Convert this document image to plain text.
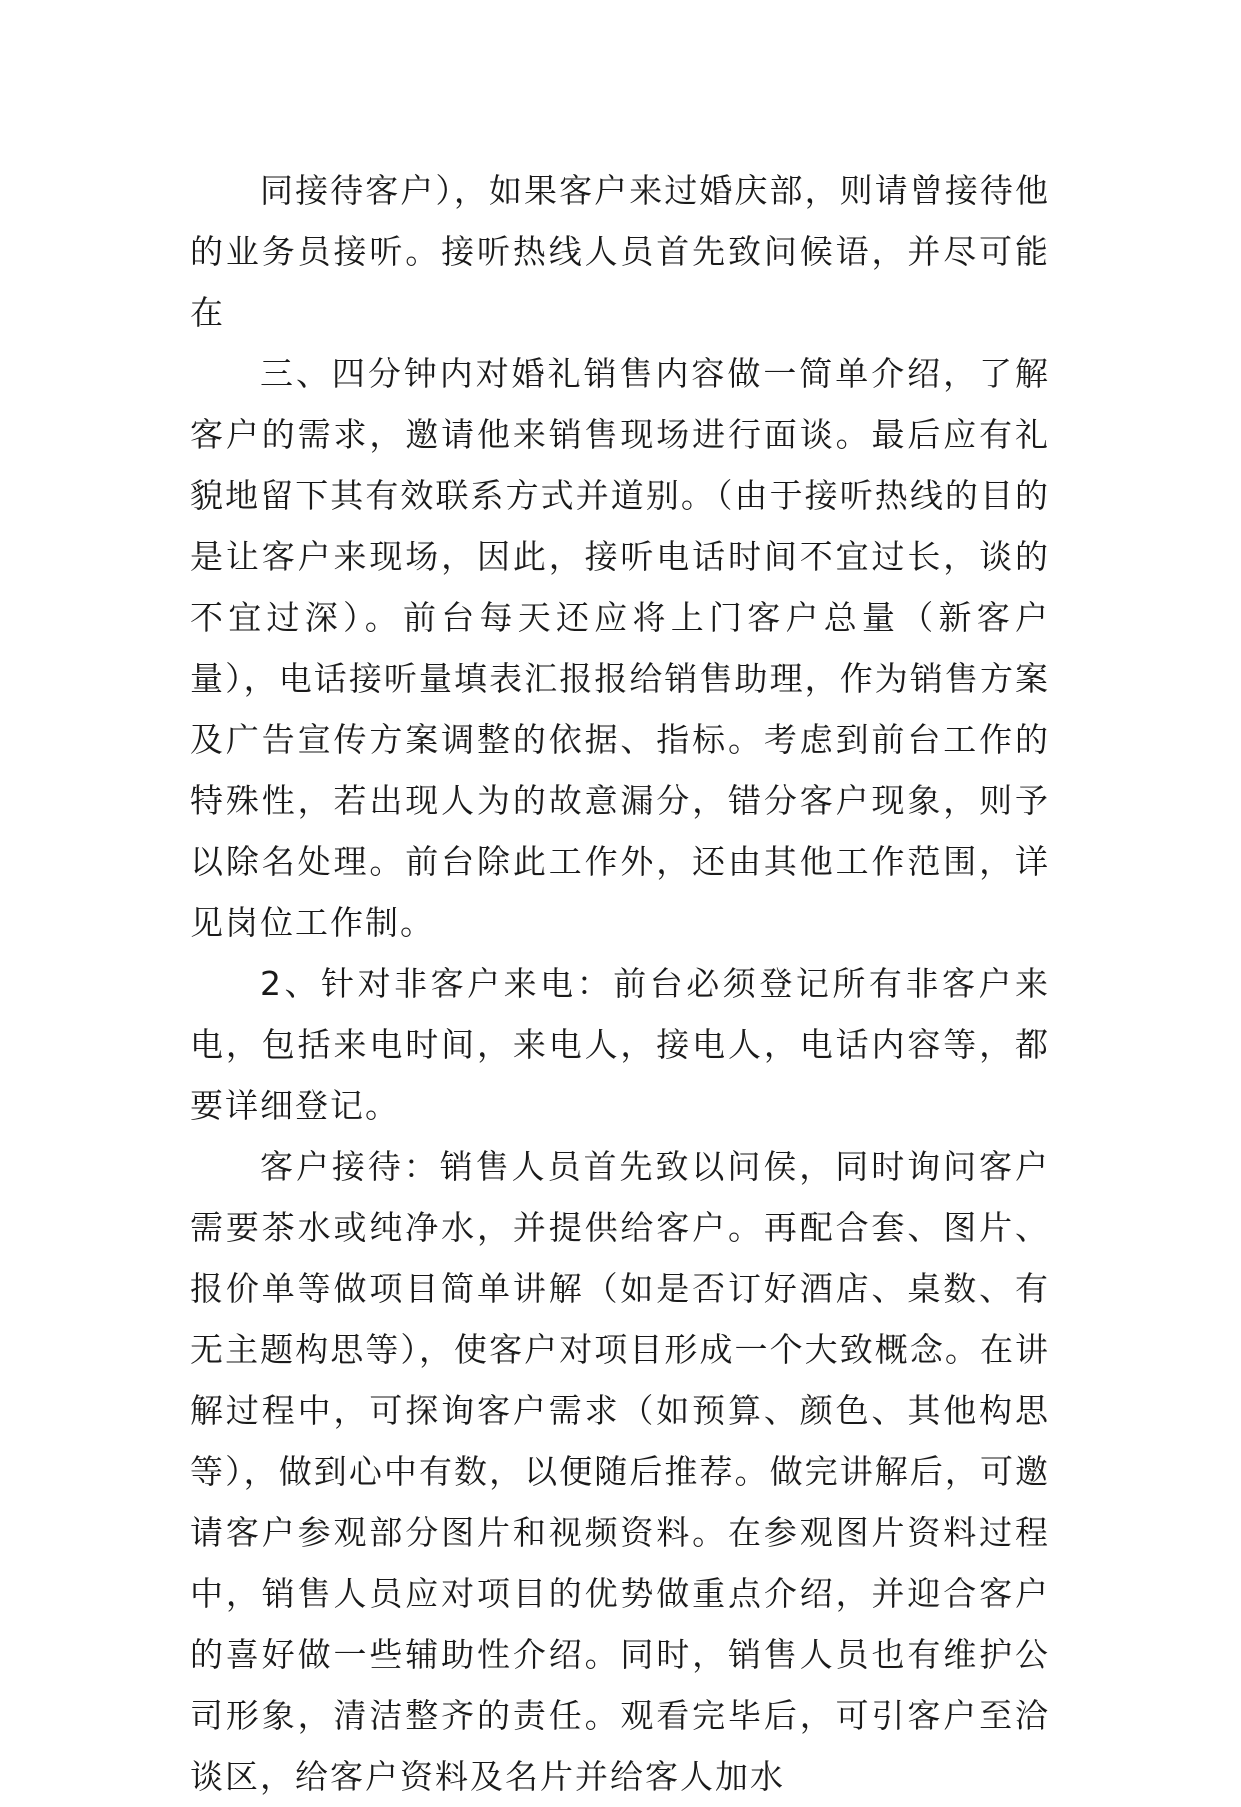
同接待客户），如果客户来过婚庆部，则请曾接待他的业务员接听。接听热线人员首先致问候语，并尽可能在

三、四分钟内对婚礼销售内容做一简单介绍，了解客户的需求，邀请他来销售现场进行面谈。最后应有礼貌地留下其有效联系方式并道别。（由于接听热线的目的是让客户来现场，因此，接听电话时间不宜过长，谈的不宜过深）。前台每天还应将上门客户总量（新客户量），电话接听量填表汇报报给销售助理，作为销售方案及广告宣传方案调整的依据、指标。考虑到前台工作的特殊性，若出现人为的故意漏分，错分客户现象，则予以除名处理。前台除此工作外，还由其他工作范围，详见岗位工作制。

2、针对非客户来电：前台必须登记所有非客户来电，包括来电时间，来电人，接电人，电话内容等，都要详细登记。

客户接待：销售人员首先致以问侯，同时询问客户需要茶水或纯净水，并提供给客户。再配合套、图片、报价单等做项目简单讲解（如是否订好酒店、桌数、有无主题构思等），使客户对项目形成一个大致概念。在讲解过程中，可探询客户需求（如预算、颜色、其他构思等），做到心中有数，以便随后推荐。做完讲解后，可邀请客户参观部分图片和视频资料。在参观图片资料过程中，销售人员应对项目的优势做重点介绍，并迎合客户的喜好做一些辅助性介绍。同时，销售人员也有维护公司形象，清洁整齐的责任。观看完毕后，可引客户至洽谈区，给客户资料及名片并给客人加水
